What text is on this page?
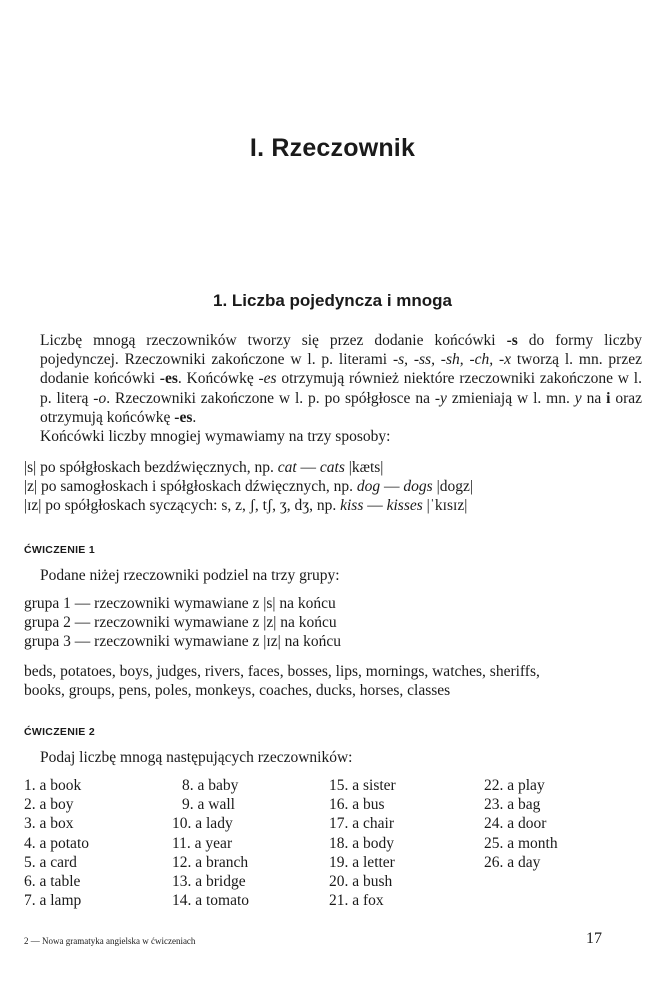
I. Rzeczownik
1. Liczba pojedyncza i mnoga
Liczbę mnogą rzeczowników tworzy się przez dodanie końcówki -s do formy liczby pojedynczej. Rzeczowniki zakończone w l. p. literami -s, -ss, -sh, -ch, -x tworzą l. mn. przez dodanie końcówki -es. Końcówkę -es otrzymują również niektóre rzeczowniki zakończone w l. p. literą -o. Rzeczowniki zakończone w l. p. po spółgłosce na -y zmieniają w l. mn. y na i oraz otrzymują końcówkę -es.
Końcówki liczby mnogiej wymawiamy na trzy sposoby:
|s| po spółgłoskach bezdźwięcznych, np. cat — cats |kæts|
|z| po samogłoskach i spółgłoskach dźwięcznych, np. dog — dogs |dogz|
|ɪz| po spółgłoskach syczących: s, z, ʃ, tʃ, ʒ, dʒ, np. kiss — kisses |ˈkɪsɪz|
ĆWICZENIE 1
Podane niżej rzeczowniki podziel na trzy grupy:
grupa 1 — rzeczowniki wymawiane z |s| na końcu
grupa 2 — rzeczowniki wymawiane z |z| na końcu
grupa 3 — rzeczowniki wymawiane z |ɪz| na końcu
beds, potatoes, boys, judges, rivers, faces, bosses, lips, mornings, watches, sheriffs,
books, groups, pens, poles, monkeys, coaches, ducks, horses, classes
ĆWICZENIE 2
Podaj liczbę mnogą następujących rzeczowników:
1. a book
2. a boy
3. a box
4. a potato
5. a card
6. a table
7. a lamp
8. a baby
9. a wall
10. a lady
11. a year
12. a branch
13. a bridge
14. a tomato
15. a sister
16. a bus
17. a chair
18. a body
19. a letter
20. a bush
21. a fox
22. a play
23. a bag
24. a door
25. a month
26. a day
2 — Nowa gramatyka angielska w ćwiczeniach	17
